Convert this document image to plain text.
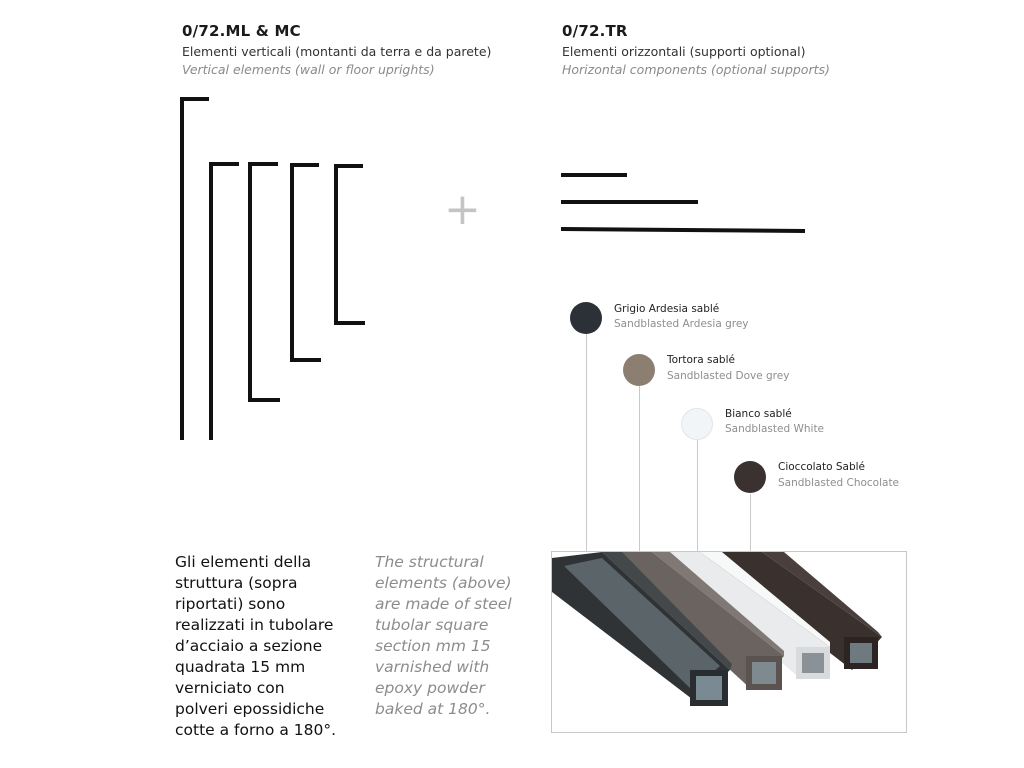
0/72.ML & MC
Elementi verticali (montanti da terra e da parete)
Vertical elements (wall or floor uprights)
0/72.TR
Elementi orizzontali (supporti optional)
Horizontal components (optional supports)
+
Grigio Ardesia sablé
Sandblasted Ardesia grey
Tortora sablé
Sandblasted Dove grey
Bianco sablé
Sandblasted White
Cioccolato Sablé
Sandblasted Chocolate
Gli elementi della
struttura (sopra
riportati) sono
realizzati in tubolare
d’acciaio a sezione
quadrata 15 mm
verniciato con
polveri epossidiche
cotte a forno a 180°.
The structural
elements (above)
are made of steel
tubolar square
section mm 15
varnished with
epoxy powder
baked at 180°.
